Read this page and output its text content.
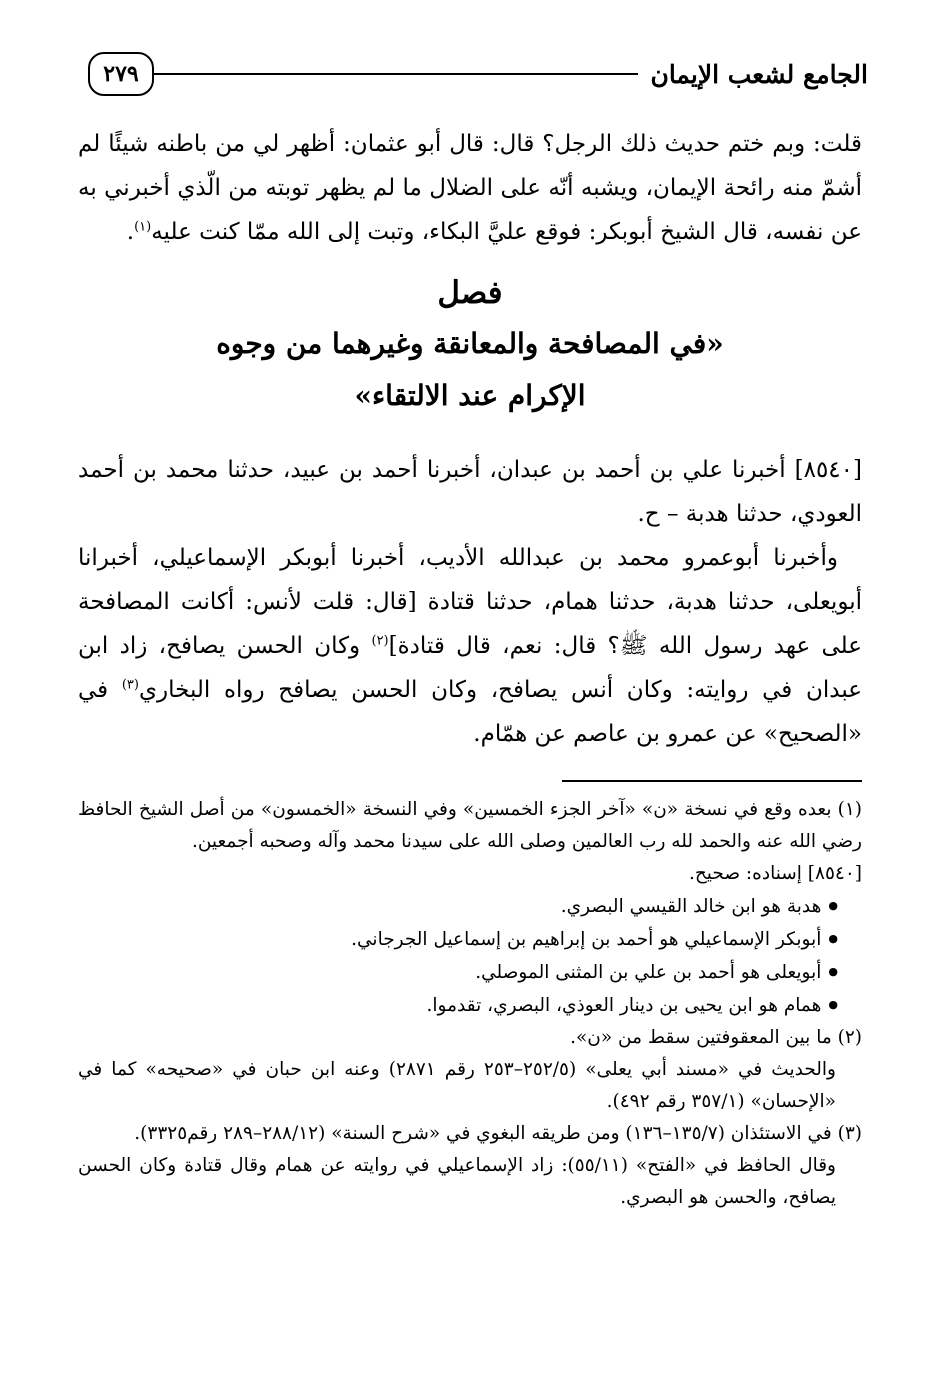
الجامع لشعب الإيمان
٢٧٩

قلت: وبم ختم حديث ذلك الرجل؟ قال: قال أبو عثمان: أظهر لي من باطنه شيئًا لم أشمّ منه رائحة الإيمان، ويشبه أنّه على الضلال ما لم يظهر توبته من الّذي أخبرني به عن نفسه، قال الشيخ أبوبكر: فوقع عليَّ البكاء، وتبت إلى الله ممّا كنت عليه$^{(١)}$.

فصل
«في المصافحة والمعانقة وغيرهما من وجوه
الإكرام عند الالتقاء»

[٨٥٤٠] أخبرنا علي بن أحمد بن عبدان، أخبرنا أحمد بن عبيد، حدثنا محمد بن أحمد العودي، حدثنا هدبة – ح.

وأخبرنا أبوعمرو محمد بن عبدالله الأديب، أخبرنا أبوبكر الإسماعيلي، أخبرانا أبويعلى، حدثنا هدبة، حدثنا همام، حدثنا قتادة [قال: قلت لأنس: أكانت المصافحة على عهد رسول الله ﷺ؟ قال: نعم، قال قتادة]$^{(٢)}$ وكان الحسن يصافح، زاد ابن عبدان في روايته: وكان أنس يصافح، وكان الحسن يصافح رواه البخاري$^{(٣)}$ في «الصحيح» عن عمرو بن عاصم عن همّام.

(١) بعده وقع في نسخة «ن» «آخر الجزء الخمسين» وفي النسخة «الخمسون» من أصل الشيخ الحافظ رضي الله عنه والحمد لله رب العالمين وصلى الله على سيدنا محمد وآله وصحبه أجمعين.

[٨٥٤٠] إسناده: صحيح.

● هدبة هو ابن خالد القيسي البصري.
● أبوبكر الإسماعيلي هو أحمد بن إبراهيم بن إسماعيل الجرجاني.
● أبويعلى هو أحمد بن علي بن المثنى الموصلي.
● همام هو ابن يحيى بن دينار العوذي، البصري، تقدموا.

(٢) ما بين المعقوفتين سقط من «ن».

والحديث في «مسند أبي يعلى» (٢٥٢/٥–٢٥٣ رقم ٢٨٧١) وعنه ابن حبان في «صحيحه» كما في «الإحسان» (٣٥٧/١ رقم ٤٩٢).

(٣) في الاستئذان (١٣٥/٧–١٣٦) ومن طريقه البغوي في «شرح السنة» (٢٨٨/١٢–٢٨٩ رقم٣٣٢٥).

وقال الحافظ في «الفتح» (٥٥/١١): زاد الإسماعيلي في روايته عن همام وقال قتادة وكان الحسن يصافح، والحسن هو البصري.
